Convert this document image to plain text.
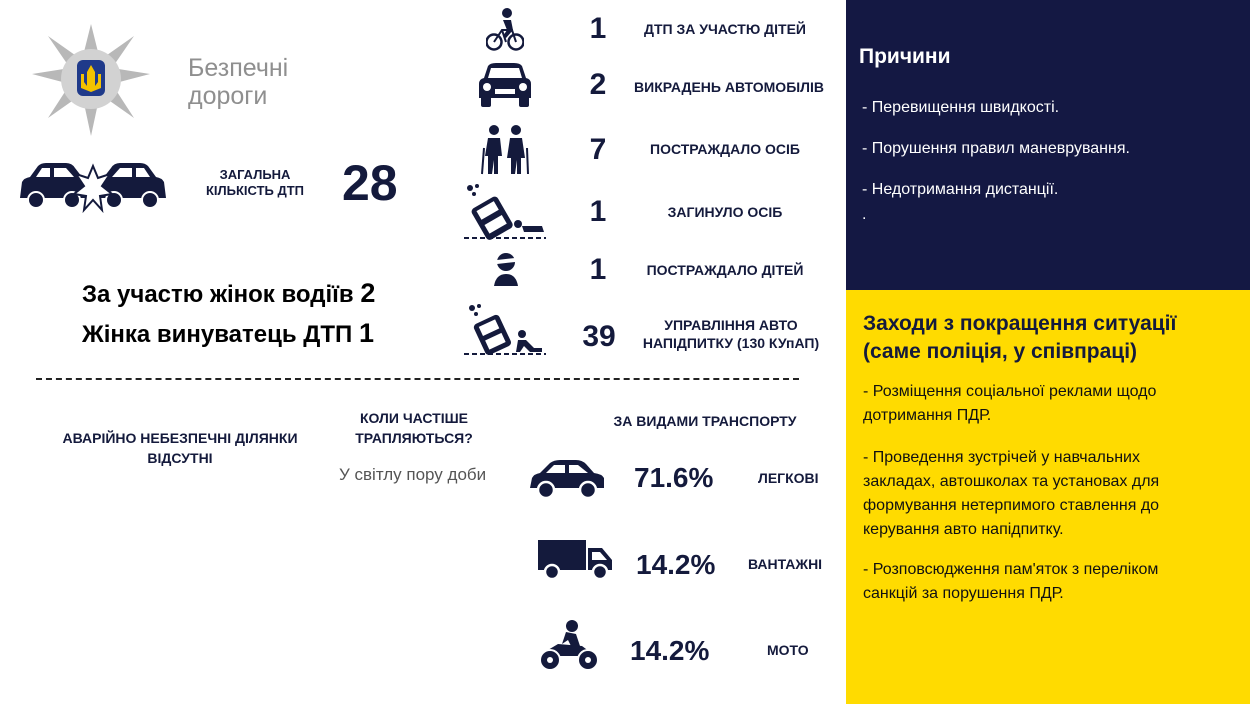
Безпечні
дороги
ЗАГАЛЬНА КІЛЬКІСТЬ ДТП 28
За участю жінок водіїв 2
Жінка винуватець ДТП 1
1	ДТП ЗА УЧАСТЮ ДІТЕЙ
2	ВИКРАДЕНЬ АВТОМОБІЛІВ
7	ПОСТРАЖДАЛО ОСІБ
1	ЗАГИНУЛО ОСІБ
1	ПОСТРАЖДАЛО ДІТЕЙ
39	УПРАВЛІННЯ АВТО
НАПІДПИТКУ (130 КУпАП)
АВАРІЙНО НЕБЕЗПЕЧНІ ДІЛЯНКИ
ВІДСУТНІ
КОЛИ ЧАСТІШЕ
ТРАПЛЯЮТЬСЯ?
У світлу пору доби
ЗА ВИДАМИ ТРАНСПОРТУ
71.6%	ЛЕГКОВІ
14.2% ВАНТАЖНІ
14.2%	МОТО
Причини
- Перевищення швидкості.
- Порушення правил маневрування.
- Недотримання дистанції.
.
Заходи з покращення ситуації
(саме поліція, у співпраці)
- Розміщення соціальної реклами щодо
дотримання ПДР.
- Проведення зустрічей у навчальних
закладах, автошколах та установах для
формування нетерпимого ставлення до
керування авто напідпитку.
- Розповсюдження пам'яток з переліком
санкцій за порушення ПДР.
